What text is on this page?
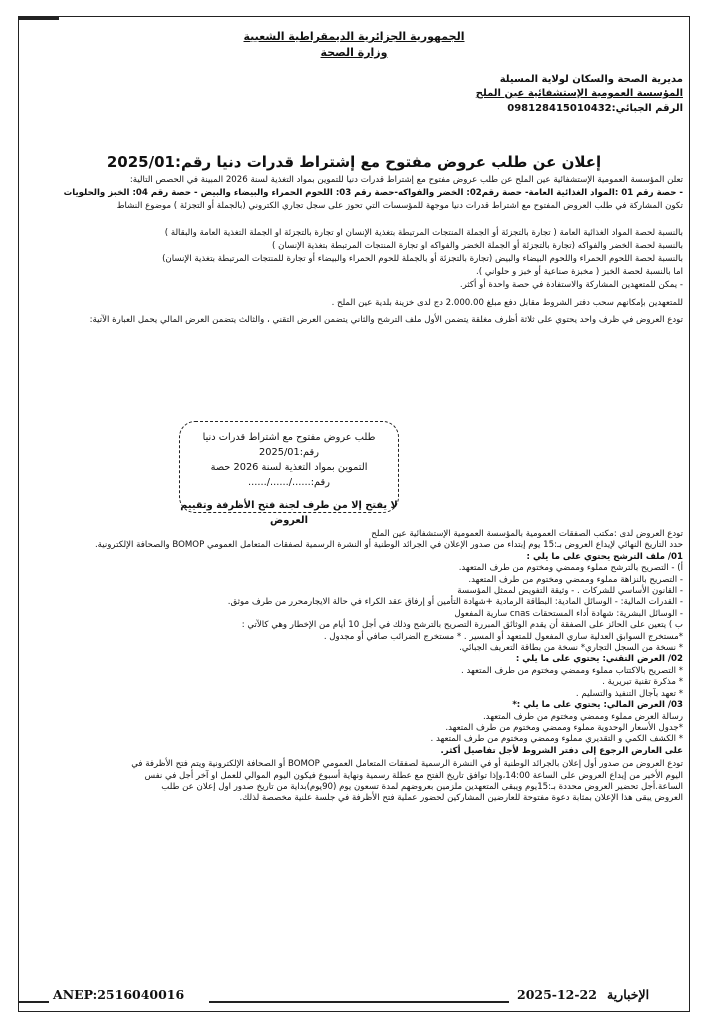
الجمهورية الجزائرية الديمقراطية الشعبية
وزارة الصحة
مديرية الصحة والسكان لولاية المسيلة
المؤسسة العمومية الإستشفائية عين الملح
الرقم الجبائي:098128415010432
إعلان عن طلب عروض مفتوح مع إشتراط قدرات دنيا رقم:2025/01
تعلن المؤسسة العمومية الإستشفائية عين الملح عن طلب عروض مفتوح مع إشتراط قدرات دنيا للتموين بمواد التغذية لسنة 2026 المبينة في الحصص التالية:
- حصة رقم 01 :المواد الغذائية العامة- حصة رقم02: الخضر والفواكه-حصة رقم 03: اللحوم الحمراء والبيضاء والبيض - حصة رقم 04: الخبز والحلويات
تكون المشاركة في طلب العروض المفتوح مع اشتراط قدرات دنيا موجهة للمؤسسات التي تحوز على سجل تجاري الكتروني (بالجملة أو التجزئة ) موضوع النشاط
بالنسبة لحصة المواد الغذائية العامة ( تجارة بالتجزئة أو الجملة المنتجات المرتبطة بتغذية الإنسان او تجارة بالتجزئة او الجملة التغذية العامة والبقالة )
بالنسبة لحصة الخضر والفواكه (تجارة بالتجزئة أو الجملة الخضر والفواكه او تجارة المنتجات المرتبطة بتغذية الإنسان )
بالنسبة لحصة اللحوم الحمراء واللحوم البيضاء والبيض (تجارة بالتجزئة أو بالجملة للحوم الحمراء والبيضاء أو تجارة للمنتجات المرتبطة بتغذية الإنسان)
اما بالنسبة لحصة الخبز ( مخبزة صناعية أو خبز و حلواني ).
- يمكن للمتعهدين المشاركة والاستفادة في حصة واحدة أو أكثر.
للمتعهدين بإمكانهم سحب دفتر الشروط مقابل دفع مبلغ 2.000.00 دج لدى خزينة بلدية عين الملح .
تودع العروض في ظرف واحد يحتوي على ثلاثة أظرف مغلقة يتضمن الأول ملف الترشح والثاني يتضمن العرض التقني ، والثالث يتضمن العرض المالي يحمل العبارة الآتية:
طلب عروض مفتوح مع اشتراط قدرات دنيا رقم:2025/01
التموين بمواد التغذية لسنة 2026 حصة رقم:....../....../......
لا يفتح إلا من طرف لجنة فتح الأظرفة وتقييم العروض
تودع العروض لدى :مكتب الصفقات العمومية بالمؤسسة العمومية الإستشفائية عين الملح
حدد التاريخ النهائي لإيداع العروض بـ:15 يوم إبتداء من صدور الإعلان في الجرائد الوطنية أو النشرة الرسمية لصفقات المتعامل العمومي BOMOP والصحافة الإلكترونية.
01/ ملف الترشح يحتوي على ما يلي :
أ) - التصريح بالترشح مملوء وممضي ومختوم من طرف المتعهد.
- التصريح بالنزاهة مملوء وممضي ومختوم من طرف المتعهد.
- القانون الأساسي للشركات . - وثيقة التفويض لممثل المؤسسة
- القدرات المالية: - الوسائل المادية: البطاقة الرمادية +شهادة التأمين أو إرفاق عقد الكراء في حالة الايجارمحرر من طرف موثق.
- الوسائل البشرية: شهادة أداء المستحقات cnas سارية المفعول
ب ) يتعين على الحائز على الصفقة أن يقدم الوثائق المبررة التصريح بالترشح وذلك في أجل 10 أيام من الإخطار وهي كالآتي :
*مستخرج السوابق العدلية ساري المفعول للمتعهد أو المسير . * مستخرج الضرائب صافي أو مجدول .
* نسخة من السجل التجاري* نسخة من بطاقة التعريف الجبائي.
02/ العرض التقني: يحتوي على ما يلي :
* التصريح بالاكتتاب مملوء وممضي ومختوم من طرف المتعهد .
* مذكرة تقنية تبريرية .
* تعهد بآجال التنفيذ والتسليم .
03/ العرض المالي: يحتوي على ما يلي :*
رسالة العرض مملوء وممضي ومختوم من طرف المتعهد.
*جدول الأسعار الوحدوية مملوء وممضي ومختوم من طرف المتعهد.
* الكشف الكمي و التقديري مملوء وممضي ومختوم من طرف المتعهد .
على العارض الرجوع إلى دفتر الشروط لأجل تفاصيل أكثر.
تودع العروض من صدور أول إعلان بالجرائد الوطنية أو في النشرة الرسمية لصفقات المتعامل العمومي BOMOP أو الصحافة الإلكترونية ويتم فتح الأظرفة في
اليوم الأخير من إيداع العروض على الساعة 14:00،وإذا توافق تاريخ الفتح مع عطلة رسمية ونهاية أسبوع فيكون اليوم الموالي للعمل او آخر أجل في نفس
الساعة.أجل تحضير العروض محددة بـ:15يوم ويبقى المتعهدين ملزمين بعروضهم لمدة تسعون يوم (90يوم)بداية من تاريخ صدور اول إعلان عن طلب
العروض يبقى هذا الإعلان بمثابة دعوة مفتوحة للعارضين المشاركين لحضور عملية فتح الأظرفة في جلسة علنية مخصصة لذلك.
ANEP:2516040016	2025-12-22 الإخبارية
